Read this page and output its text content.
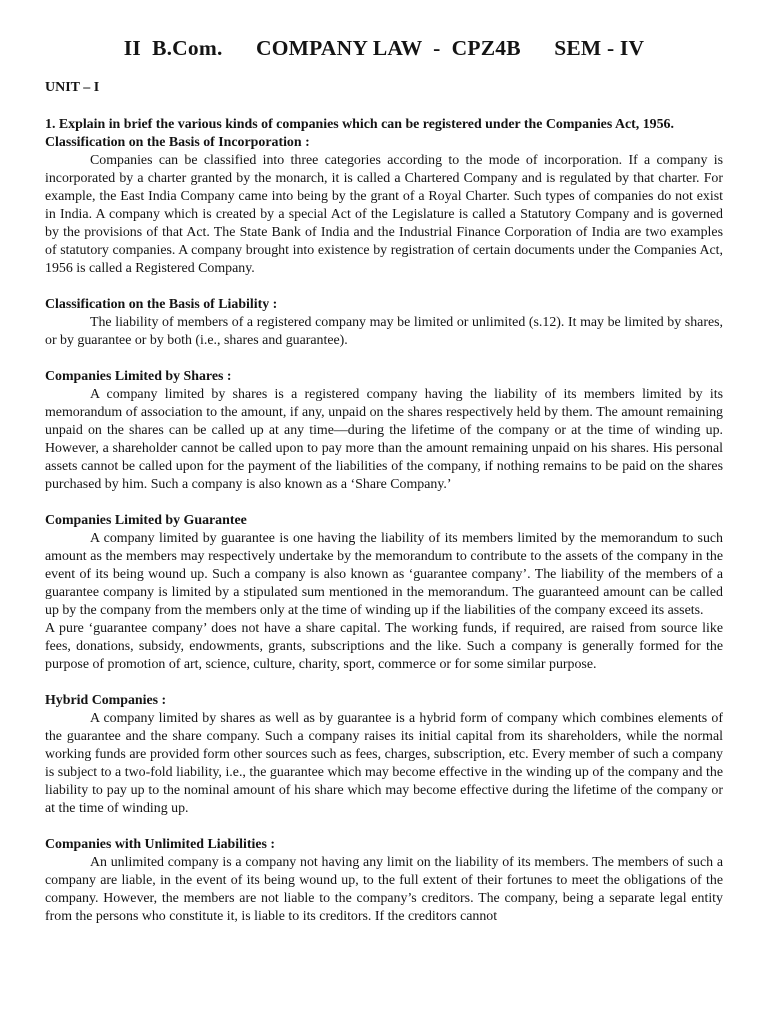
II  B.Com.      COMPANY LAW  -  CPZ4B      SEM - IV
UNIT – I

1. Explain in brief the various kinds of companies which can be registered under the Companies Act, 1956.

Classification on the Basis of Incorporation :

Companies can be classified into three categories according to the mode of incorporation. If a company is incorporated by a charter granted by the monarch, it is called a Chartered Company and is regulated by that charter. For example, the East India Company came into being by the grant of a Royal Charter. Such types of companies do not exist in India. A company which is created by a special Act of the Legislature is called a Statutory Company and is governed by the provisions of that Act. The State Bank of India and the Industrial Finance Corporation of India are two examples of statutory companies. A company brought into existence by registration of certain documents under the Companies Act, 1956 is called a Registered Company.

Classification on the Basis of Liability :

The liability of members of a registered company may be limited or unlimited (s.12). It may be limited by shares, or by guarantee or by both (i.e., shares and guarantee).

Companies Limited by Shares :

A company limited by shares is a registered company having the liability of its members limited by its memorandum of association to the amount, if any, unpaid on the shares respectively held by them. The amount remaining unpaid on the shares can be called up at any time—during the lifetime of the company or at the time of winding up. However, a shareholder cannot be called upon to pay more than the amount remaining unpaid on his shares. His personal assets cannot be called upon for the payment of the liabilities of the company, if nothing remains to be paid on the shares purchased by him. Such a company is also known as a ‘Share Company.’

Companies Limited by Guarantee

A company limited by guarantee is one having the liability of its members limited by the memorandum to such amount as the members may respectively undertake by the memorandum to contribute to the assets of the company in the event of its being wound up. Such a company is also known as ‘guarantee company’. The liability of the members of a guarantee company is limited by a stipulated sum mentioned in the memorandum. The guaranteed amount can be called up by the company from the members only at the time of winding up if the liabilities of the company exceed its assets.

A pure ‘guarantee company’ does not have a share capital. The working funds, if required, are raised from source like fees, donations, subsidy, endowments, grants, subscriptions and the like. Such a company is generally formed for the purpose of promotion of art, science, culture, charity, sport, commerce or for some similar purpose.

Hybrid Companies :

A company limited by shares as well as by guarantee is a hybrid form of company which combines elements of the guarantee and the share company. Such a company raises its initial capital from its shareholders, while the normal working funds are provided form other sources such as fees, charges, subscription, etc. Every member of such a company is subject to a two-fold liability, i.e., the guarantee which may become effective in the winding up of the company and the liability to pay up to the nominal amount of his share which may become effective during the lifetime of the company or at the time of winding up.

Companies with Unlimited Liabilities :

An unlimited company is a company not having any limit on the liability of its members. The members of such a company are liable, in the event of its being wound up, to the full extent of their fortunes to meet the obligations of the company. However, the members are not liable to the company’s creditors. The company, being a separate legal entity from the persons who constitute it, is liable to its creditors. If the creditors cannot
